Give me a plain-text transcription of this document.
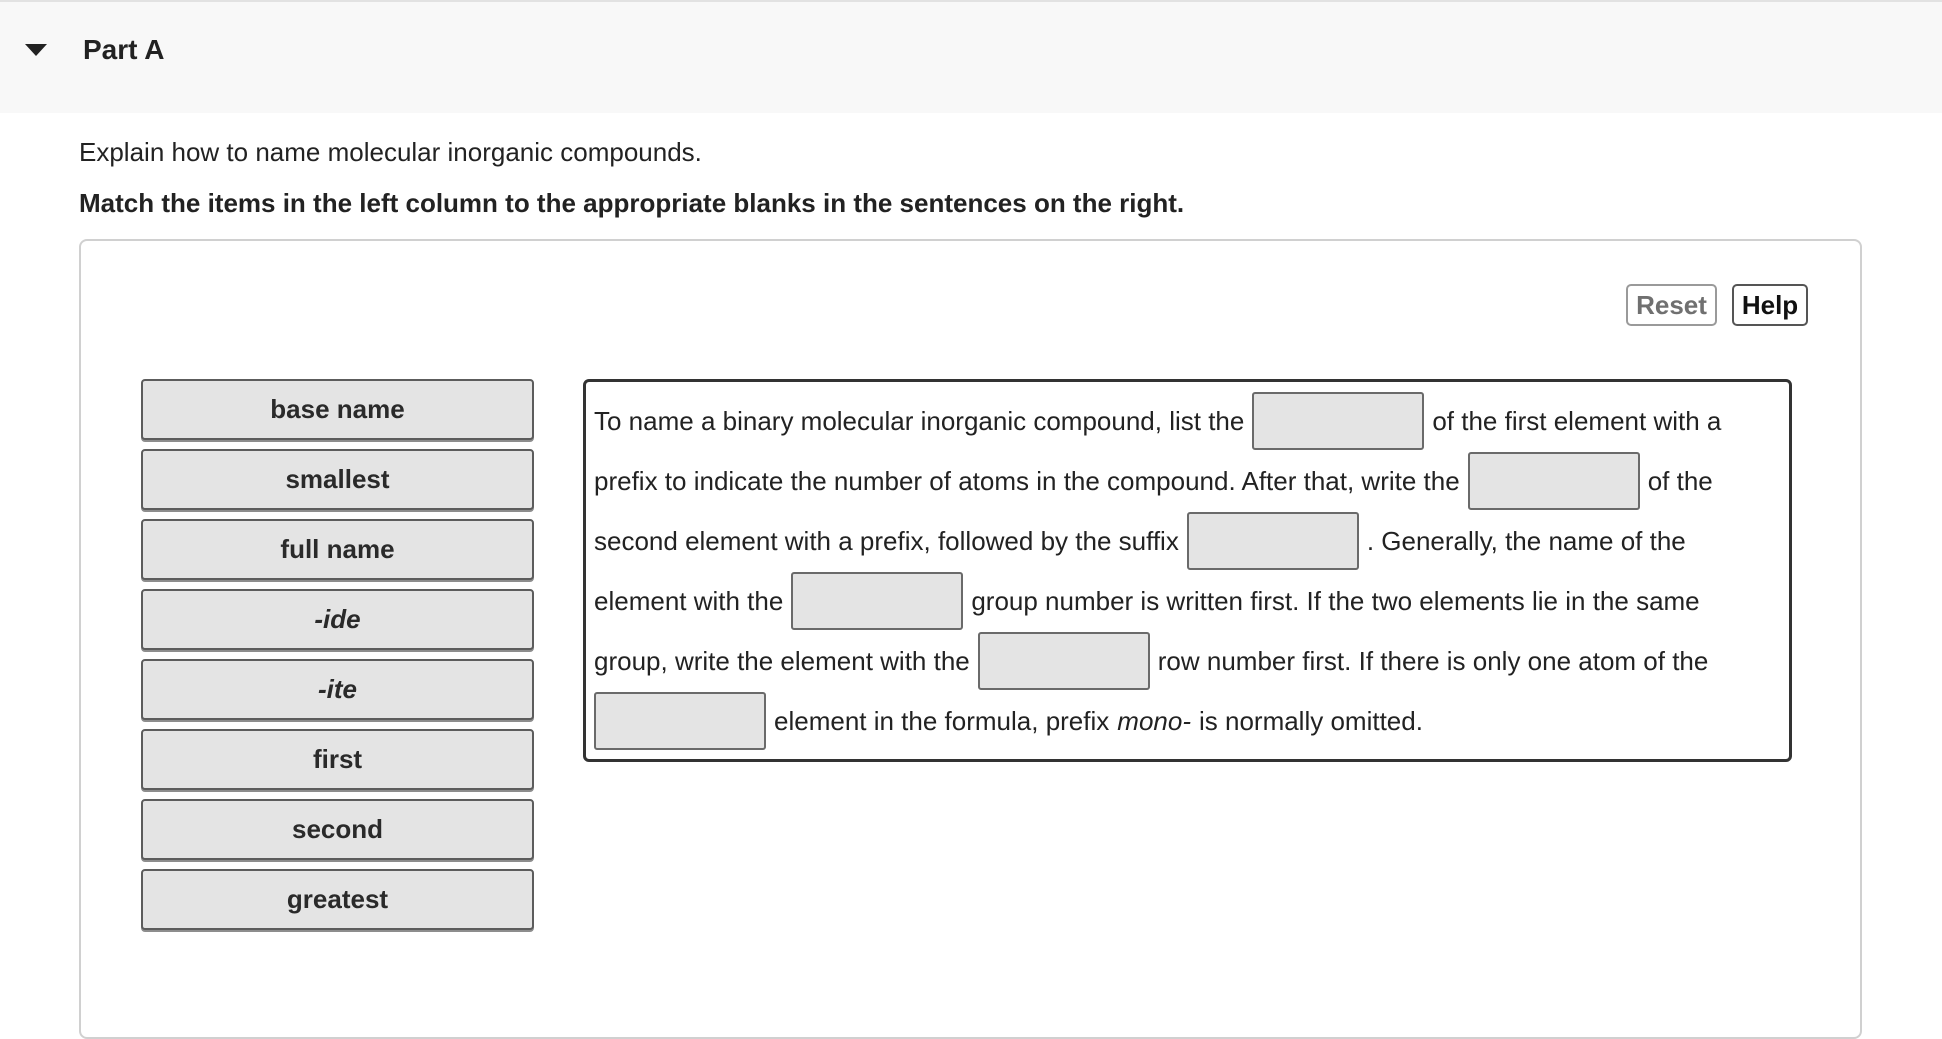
Part A
Explain how to name molecular inorganic compounds.
Match the items in the left column to the appropriate blanks in the sentences on the right.
Reset	Help
base name
smallest
full name
-ide
-ite
first
second
greatest
To name a binary molecular inorganic compound, list the	of the first element with a
prefix to indicate the number of atoms in the compound. After that, write the	of the
second element with a prefix, followed by the suffix	. Generally, the name of the
element with the	group number is written first. If the two elements lie in the same
group, write the element with the	row number first. If there is only one atom of the
element in the formula, prefix mono- is normally omitted.
